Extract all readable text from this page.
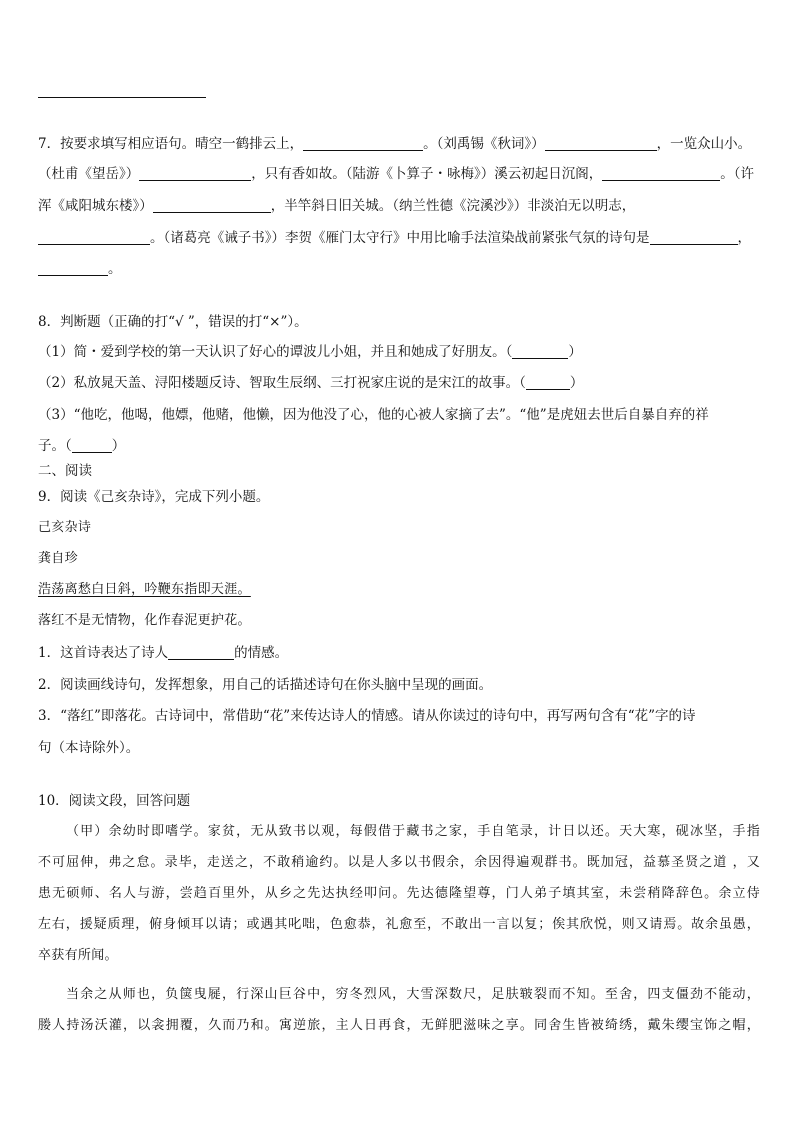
7．按要求填写相应语句。晴空一鹤排云上，	。（刘禹锡《秋词》）	，一览众山小。
（杜甫《望岳》）	，只有香如故。（陆游《卜算子・咏梅》）溪云初起日沉阁，	。（许
浑《咸阳城东楼》）	，半竿斜日旧关城。（纳兰性德《浣溪沙》）非淡泊无以明志，
。（诸葛亮《诫子书》）李贺《雁门太守行》中用比喻手法渲染战前紧张气氛的诗句是	，
。
8．判断题（正确的打“√ ”，错误的打“×”）。
（1）简・爱到学校的第一天认识了好心的谭波儿小姐，并且和她成了好朋友。（	）
（2）私放晁天盖、浔阳楼题反诗、智取生辰纲、三打祝家庄说的是宋江的故事。（	）
（3）“他吃，他喝，他嫖，他赌，他懒，因为他没了心，他的心被人家摘了去”。“他”是虎妞去世后自暴自弃的祥
子。（	）
二、阅读
9．阅读《己亥杂诗》，完成下列小题。
己亥杂诗
龚自珍
浩荡离愁白日斜，吟鞭东指即天涯。
落红不是无情物，化作春泥更护花。
1．这首诗表达了诗人	的情感。
2．阅读画线诗句，发挥想象，用自己的话描述诗句在你头脑中呈现的画面。
3．“落红”即落花。古诗词中，常借助“花”来传达诗人的情感。请从你读过的诗句中，再写两句含有“花”字的诗
句（本诗除外）。
10．阅读文段，回答问题
（甲）余幼时即嗜学。家贫，无从致书以观，每假借于藏书之家，手自笔录，计日以还。天大寒，砚冰坚，手指
不可屈伸，弗之怠。录毕，走送之，不敢稍逾约。以是人多以书假余，余因得遍观群书。既加冠，益慕圣贤之道 ，又
患无硕师、名人与游，尝趋百里外，从乡之先达执经叩问。先达德隆望尊，门人弟子填其室，未尝稍降辞色。余立侍
左右，援疑质理，俯身倾耳以请；或遇其叱咄，色愈恭，礼愈至，不敢出一言以复；俟其欣悦，则又请焉。故余虽愚，
卒获有所闻。
当余之从师也，负箧曳屣，行深山巨谷中，穷冬烈风，大雪深数尺，足肤皲裂而不知。至舍，四支僵劲不能动，
媵人持汤沃灌，以衾拥覆，久而乃和。寓逆旅，主人日再食，无鲜肥滋味之享。同舍生皆被绮绣，戴朱缨宝饰之帽，
